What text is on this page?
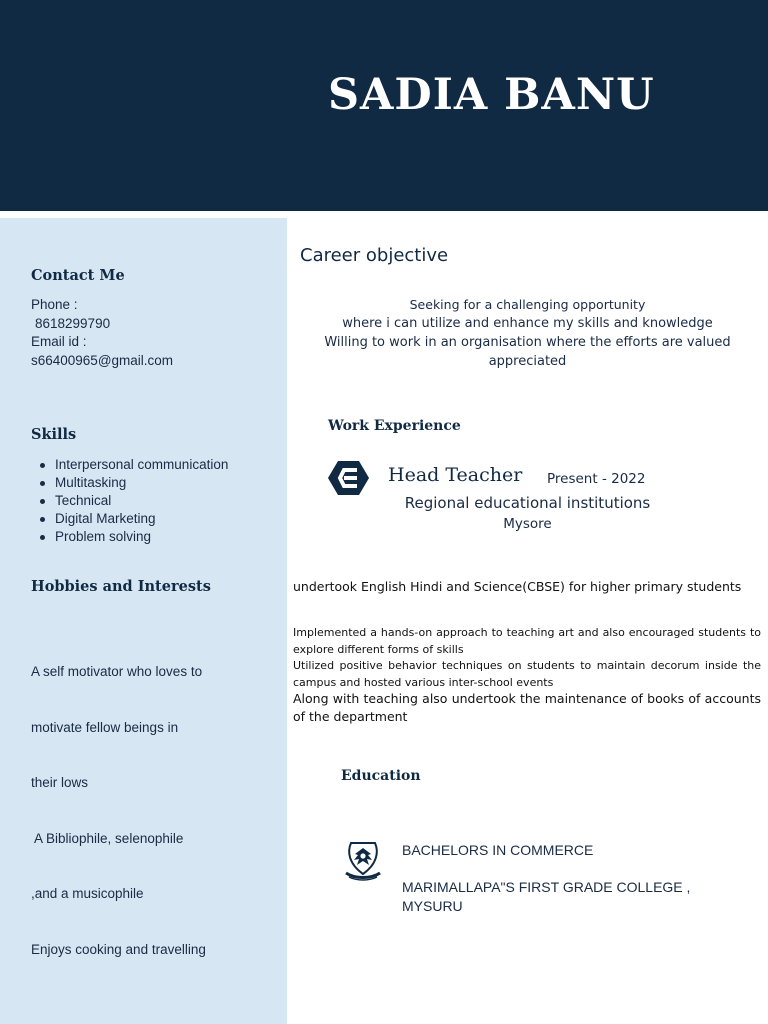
SADIA BANU
Contact Me
Phone :
8618299790
Email id :
s66400965@gmail.com
Skills
Interpersonal communication
Multitasking
Technical
Digital Marketing
Problem solving
Hobbies and Interests

A self motivator who loves to

motivate fellow beings in

their lows

A Bibliophile, selenophile

,and a musicophile

Enjoys cooking and travelling

Career objective
Seeking for a challenging opportunity
where i can utilize and enhance my skills and knowledge
Willing to work in an organisation where the efforts are valued appreciated
Work Experience
Head Teacher Present - 2022
Regional educational institutions
Mysore
undertook English Hindi and Science(CBSE) for higher primary students
Implemented a hands-on approach to teaching art and also encouraged students to explore different forms of skills
Utilized positive behavior techniques on students to maintain decorum inside the campus and hosted various inter-school events
Along with teaching also undertook the maintenance of books of accounts of the department
Education
BACHELORS IN COMMERCE
MARIMALLAPA"S FIRST GRADE COLLEGE , MYSURU
